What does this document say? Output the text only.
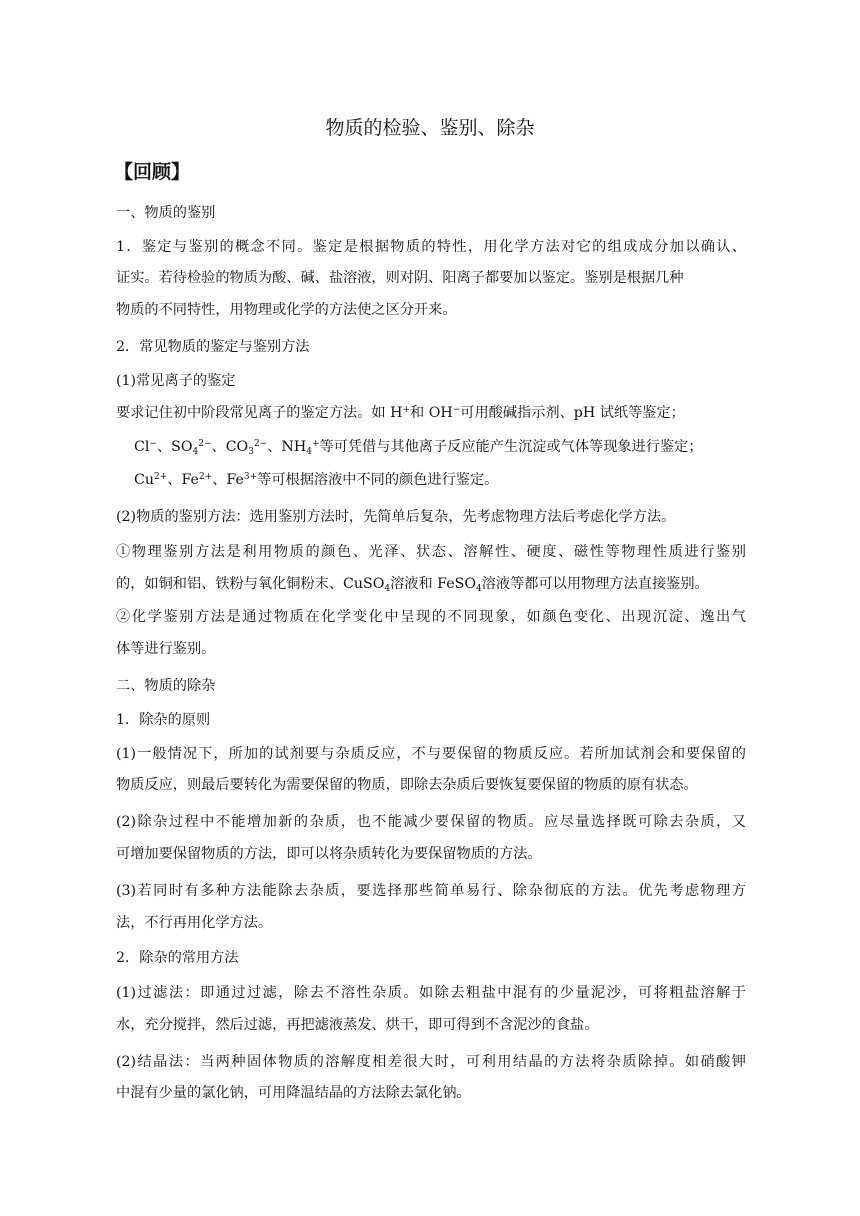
物质的检验、鉴别、除杂
【回顾】
一、物质的鉴别
1．鉴定与鉴别的概念不同。鉴定是根据物质的特性，用化学方法对它的组成成分加以确认、
证实。若待检验的物质为酸、碱、盐溶液，则对阴、阳离子都要加以鉴定。鉴别是根据几种
物质的不同特性，用物理或化学的方法使之区分开来。
2．常见物质的鉴定与鉴别方法
(1)常见离子的鉴定
要求记住初中阶段常见离子的鉴定方法。如 H+和 OH−可用酸碱指示剂、pH 试纸等鉴定；
Cl−、$SO_4^{2-}$、$CO_3^{2-}$、$NH_4^+$等可凭借与其他离子反应能产生沉淀或气体等现象进行鉴定；
$Cu^{2+}$、$Fe^{2+}$、$Fe^{3+}$等可根据溶液中不同的颜色进行鉴定。
(2)物质的鉴别方法：选用鉴别方法时，先简单后复杂，先考虑物理方法后考虑化学方法。
①物理鉴别方法是利用物质的颜色、光泽、状态、溶解性、硬度、磁性等物理性质进行鉴别
的，如铜和铝、铁粉与氧化铜粉末、CuSO$_4$溶液和 FeSO$_4$溶液等都可以用物理方法直接鉴别。
②化学鉴别方法是通过物质在化学变化中呈现的不同现象，如颜色变化、出现沉淀、逸出气
体等进行鉴别。
二、物质的除杂
1．除杂的原则
(1)一般情况下，所加的试剂要与杂质反应，不与要保留的物质反应。若所加试剂会和要保留的
物质反应，则最后要转化为需要保留的物质，即除去杂质后要恢复要保留的物质的原有状态。
(2)除杂过程中不能增加新的杂质，也不能减少要保留的物质。应尽量选择既可除去杂质，又
可增加要保留物质的方法，即可以将杂质转化为要保留物质的方法。
(3)若同时有多种方法能除去杂质，要选择那些简单易行、除杂彻底的方法。优先考虑物理方
法，不行再用化学方法。
2．除杂的常用方法
(1)过滤法：即通过过滤，除去不溶性杂质。如除去粗盐中混有的少量泥沙，可将粗盐溶解于
水，充分搅拌，然后过滤，再把滤液蒸发、烘干，即可得到不含泥沙的食盐。
(2)结晶法：当两种固体物质的溶解度相差很大时，可利用结晶的方法将杂质除掉。如硝酸钾
中混有少量的氯化钠，可用降温结晶的方法除去氯化钠。
